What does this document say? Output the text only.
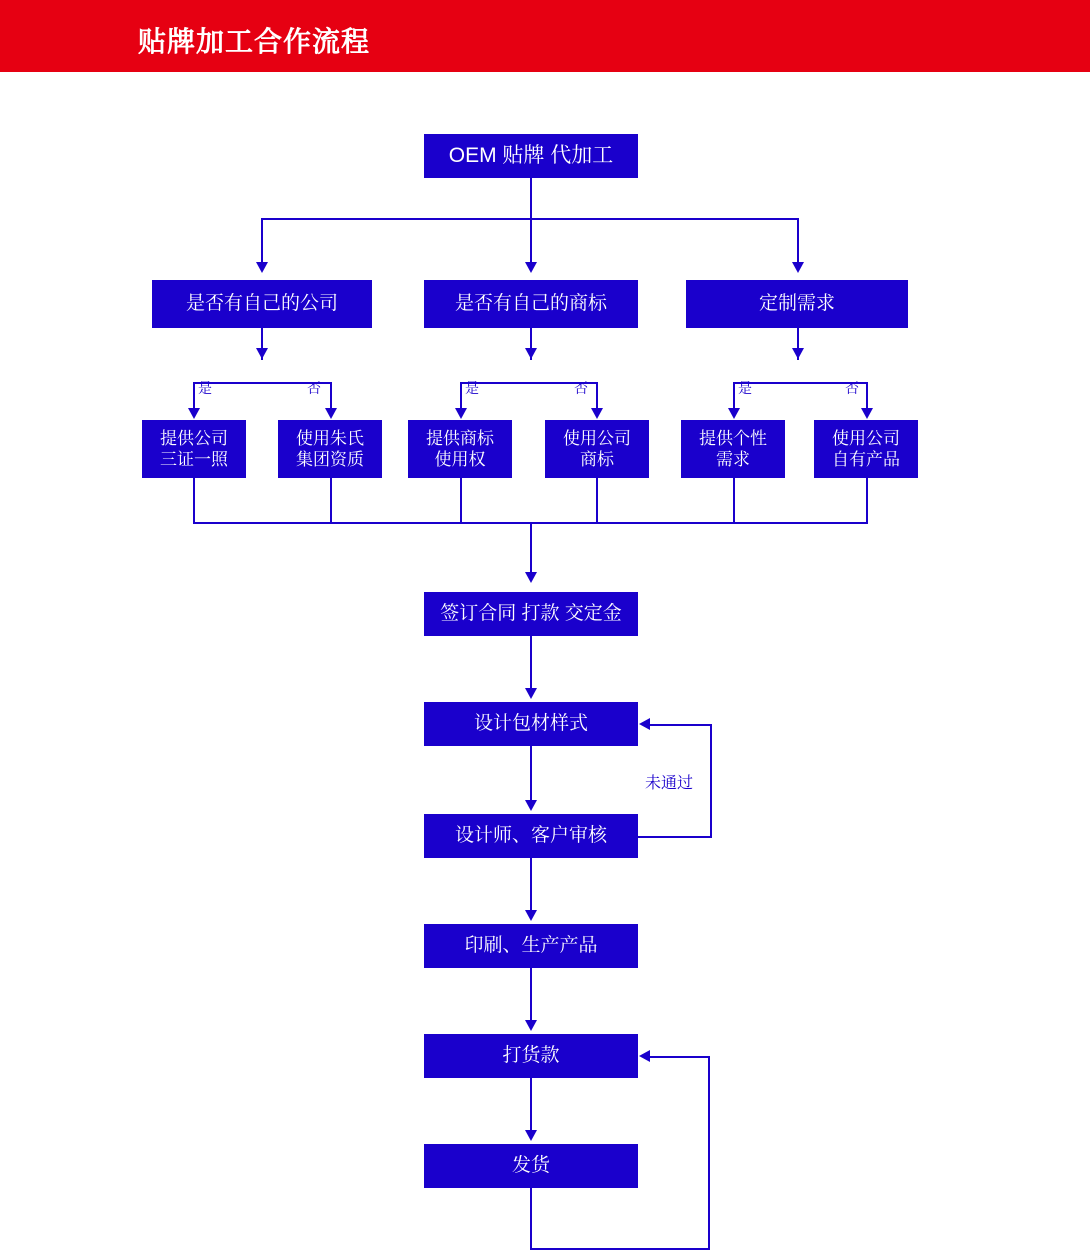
贴牌加工合作流程
OEM 贴牌 代加工
是否有自己的公司	是否有自己的商标	定制需求
提供公司
三证一照
使用朱氏
集团资质
提供商标
使用权
使用公司
商标
提供个性
需求
使用公司
自有产品
签订合同 打款 交定金
设计包材样式
设计师、客户审核
印刷、生产产品
打货款
发货
是	否	是	否	是	否
未通过
